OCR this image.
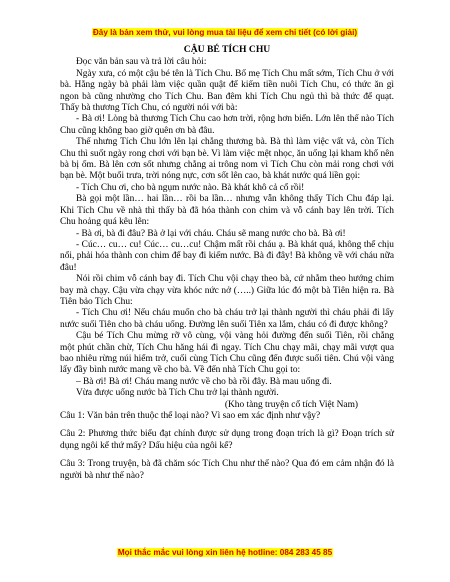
Đây là bản xem thử, vui lòng mua tài liệu để xem chi tiết (có lời giải)
CẬU BÉ TÍCH CHU

Đọc văn bản sau và trả lời câu hỏi:

Ngày xưa, có một cậu bé tên là Tích Chu. Bố mẹ Tích Chu mất sớm, Tích Chu ở với bà. Hằng ngày bà phải làm việc quần quật để kiếm tiền nuôi Tích Chu, có thức ăn gì ngon bà cũng nhường cho Tích Chu. Ban đêm khi Tích Chu ngủ thì bà thức để quạt. Thấy bà thương Tích Chu, có người nói với bà:

- Bà ơi! Lòng bà thương Tích Chu cao hơn trời, rộng hơn biển. Lớn lên thế nào Tích Chu cũng không bao giờ quên ơn bà đâu.

Thế nhưng Tích Chu lớn lên lại chẳng thương bà. Bà thì làm việc vất vả, còn Tích Chu thì suốt ngày rong chơi với bạn bè. Vì làm việc mệt nhọc, ăn uống lại kham khổ nên bà bị ốm. Bà lên cơn sốt nhưng chẳng ai trông nom vì Tích Chu còn mải rong chơi với bạn bè. Một buổi trưa, trời nóng nực, cơn sốt lên cao, bà khát nước quá liền gọi:

- Tích Chu ơi, cho bà ngụm nước nào. Bà khát khô cả cổ rồi!

Bà gọi một lần… hai lần… rồi ba lần… nhưng vẫn không thấy Tích Chu đáp lại. Khi Tích Chu về nhà thì thấy bà đã hóa thành con chim và vỗ cánh bay lên trời. Tích Chu hoảng quá kêu lên:

- Bà ơi, bà đi đâu? Bà ở lại với cháu. Cháu sẽ mang nước cho bà. Bà ơi!

- Cúc… cu… cu! Cúc… cu…cu! Chậm mất rồi cháu ạ. Bà khát quá, không thể chịu nổi, phải hóa thành con chim để bay đi kiếm nước. Bà đi đây! Bà không về với cháu nữa đâu!

Nói rồi chim vỗ cánh bay đi. Tích Chu vội chạy theo bà, cứ nhằm theo hướng chim bay mà chạy. Cậu vừa chạy vừa khóc nức nở (…..) Giữa lúc đó một bà Tiên hiện ra. Bà Tiên bảo Tích Chu:

- Tích Chu ơi! Nếu cháu muốn cho bà cháu trở lại thành người thì cháu phải đi lấy nước suối Tiên cho bà cháu uống. Đường lên suối Tiên xa lắm, cháu có đi được không?

Cậu bé Tích Chu mừng rỡ vô cùng, vội vàng hỏi đường đến suối Tiên, rồi chẳng một phút chần chừ, Tích Chu hăng hái đi ngay. Tích Chu chạy mãi, chạy mãi vượt qua bao nhiêu rừng núi hiểm trở, cuối cùng Tích Chu cũng đến được suối tiên. Chú vội vàng lấy đầy bình nước mang về cho bà. Về đến nhà Tích Chu gọi to:

– Bà ơi! Bà ơi! Cháu mang nước về cho bà rồi đây. Bà mau uống đi.

Vừa được uống nước bà Tích Chu trở lại thành người.

(Kho tàng truyện cổ tích Việt Nam)

Câu 1: Văn bản trên thuộc thể loại nào? Vì sao em xác định như vậy?

Câu 2: Phương thức biểu đạt chính được sử dụng trong đoạn trích là gì? Đoạn trích sử dụng ngôi kể thứ mấy? Dấu hiệu của ngôi kể?

Câu 3: Trong truyện, bà đã chăm sóc Tích Chu như thế nào? Qua đó em cảm nhận đó là người bà như thế nào?

Mọi thắc mắc vui lòng xin liên hệ hotline: 084 283 45 85
